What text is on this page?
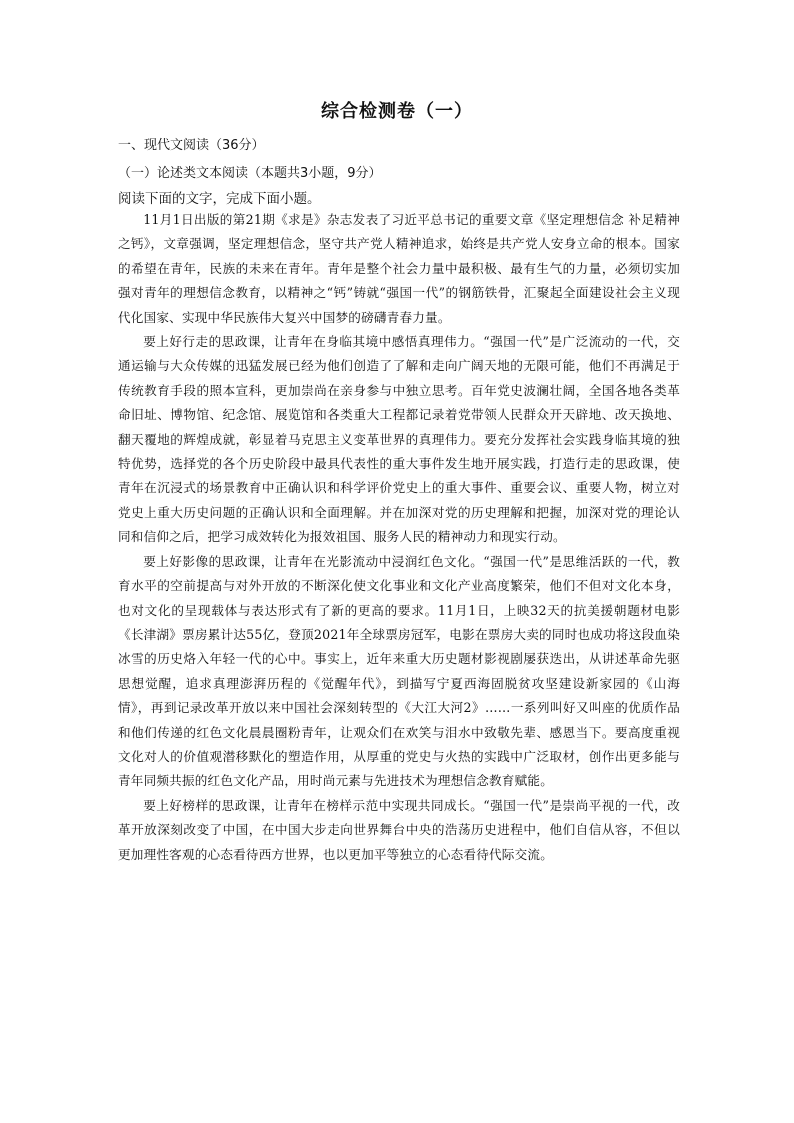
综合检测卷（一）
一、现代文阅读（36分）
（一）论述类文本阅读（本题共3小题，9分）
阅读下面的文字，完成下面小题。

11月1日出版的第21期《求是》杂志发表了习近平总书记的重要文章《坚定理想信念 补足精神之钙》，文章强调，坚定理想信念，坚守共产党人精神追求，始终是共产党人安身立命的根本。国家的希望在青年，民族的未来在青年。青年是整个社会力量中最积极、最有生气的力量，必须切实加强对青年的理想信念教育，以精神之“钙”铸就“强国一代”的钢筋铁骨，汇聚起全面建设社会主义现代化国家、实现中华民族伟大复兴中国梦的磅礴青春力量。

要上好行走的思政课，让青年在身临其境中感悟真理伟力。“强国一代”是广泛流动的一代，交通运输与大众传媒的迅猛发展已经为他们创造了了解和走向广阔天地的无限可能，他们不再满足于传统教育手段的照本宣科，更加崇尚在亲身参与中独立思考。百年党史波澜壮阔，全国各地各类革命旧址、博物馆、纪念馆、展览馆和各类重大工程都记录着党带领人民群众开天辟地、改天换地、翻天覆地的辉煌成就，彰显着马克思主义变革世界的真理伟力。要充分发挥社会实践身临其境的独特优势，选择党的各个历史阶段中最具代表性的重大事件发生地开展实践，打造行走的思政课，使青年在沉浸式的场景教育中正确认识和科学评价党史上的重大事件、重要会议、重要人物，树立对党史上重大历史问题的正确认识和全面理解。并在加深对党的历史理解和把握，加深对党的理论认同和信仰之后，把学习成效转化为报效祖国、服务人民的精神动力和现实行动。

要上好影像的思政课，让青年在光影流动中浸润红色文化。“强国一代”是思维活跃的一代，教育水平的空前提高与对外开放的不断深化使文化事业和文化产业高度繁荣，他们不但对文化本身，也对文化的呈现载体与表达形式有了新的更高的要求。11月1日，上映32天的抗美援朝题材电影《长津湖》票房累计达55亿，登顶2021年全球票房冠军，电影在票房大卖的同时也成功将这段血染冰雪的历史烙入年轻一代的心中。事实上，近年来重大历史题材影视剧屡获迭出，从讲述革命先驱思想觉醒，追求真理澎湃历程的《觉醒年代》，到描写宁夏西海固脱贫攻坚建设新家园的《山海情》，再到记录改革开放以来中国社会深刻转型的《大江大河2》……一系列叫好又叫座的优质作品和他们传递的红色文化晨晨圈粉青年，让观众们在欢笑与泪水中致敬先辈、感恩当下。要高度重视文化对人的价值观潜移默化的塑造作用，从厚重的党史与火热的实践中广泛取材，创作出更多能与青年同频共振的红色文化产品，用时尚元素与先进技术为理想信念教育赋能。

要上好榜样的思政课，让青年在榜样示范中实现共同成长。“强国一代”是崇尚平视的一代，改革开放深刻改变了中国，在中国大步走向世界舞台中央的浩荡历史进程中，他们自信从容，不但以更加理性客观的心态看待西方世界，也以更加平等独立的心态看待代际交流。
